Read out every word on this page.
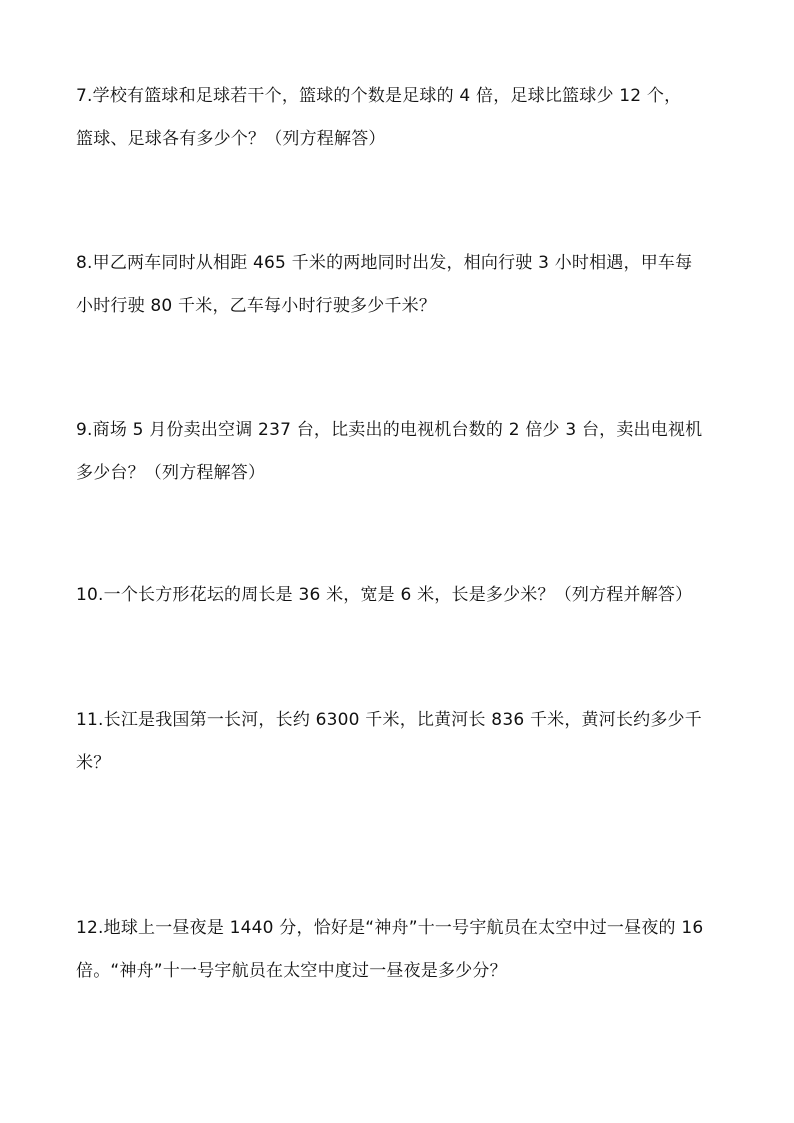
7.学校有篮球和足球若干个，篮球的个数是足球的 4 倍，足球比篮球少 12 个，
篮球、足球各有多少个？（列方程解答）
8.甲乙两车同时从相距 465 千米的两地同时出发，相向行驶 3 小时相遇，甲车每
小时行驶 80 千米，乙车每小时行驶多少千米？
9.商场 5 月份卖出空调 237 台，比卖出的电视机台数的 2 倍少 3 台，卖出电视机
多少台？（列方程解答）
10.一个长方形花坛的周长是 36 米，宽是 6 米，长是多少米？（列方程并解答）
11.长江是我国第一长河，长约 6300 千米，比黄河长 836 千米，黄河长约多少千
米？
12.地球上一昼夜是 1440 分，恰好是“神舟”十一号宇航员在太空中过一昼夜的 16
倍。“神舟”十一号宇航员在太空中度过一昼夜是多少分？
